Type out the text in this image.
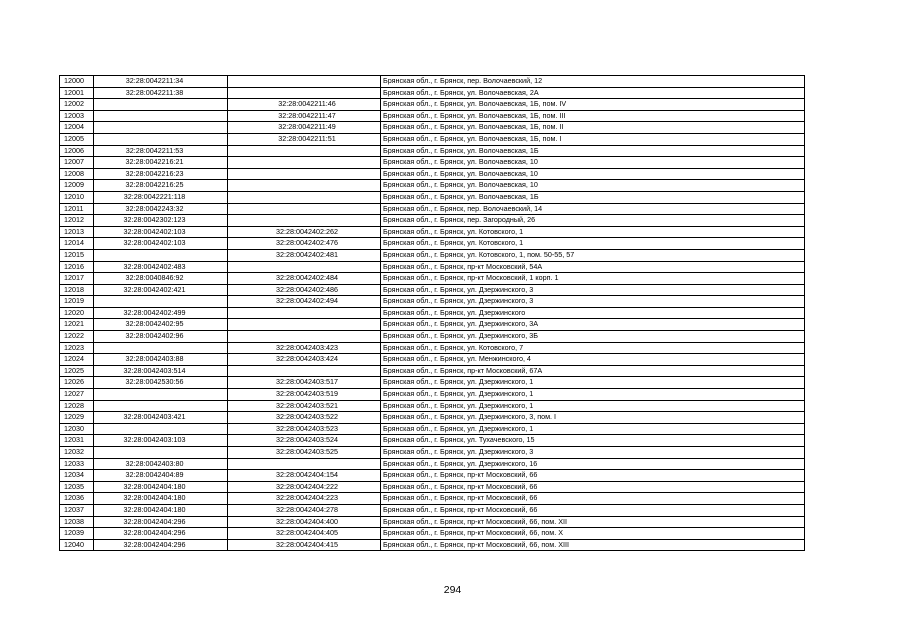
12000	32:28:0042211:34		Брянская обл., г. Брянск, пер. Волочаевский, 12
12001	32:28:0042211:38		Брянская обл., г. Брянск, ул. Волочаевская, 2А
12002		32:28:0042211:46	Брянская обл., г. Брянск, ул. Волочаевская, 1Б, пом. IV
12003		32:28:0042211:47	Брянская обл., г. Брянск, ул. Волочаевская, 1Б, пом. III
12004		32:28:0042211:49	Брянская обл., г. Брянск, ул. Волочаевская, 1Б, пом. II
12005		32:28:0042211:51	Брянская обл., г. Брянск, ул. Волочаевская, 1Б, пом. I
12006	32:28:0042211:53		Брянская обл., г. Брянск, ул. Волочаевская, 1Б
12007	32:28:0042216:21		Брянская обл., г. Брянск, ул. Волочаевская, 10
12008	32:28:0042216:23		Брянская обл., г. Брянск, ул. Волочаевская, 10
12009	32:28:0042216:25		Брянская обл., г. Брянск, ул. Волочаевская, 10
12010	32:28:0042221:118		Брянская обл., г. Брянск, ул. Волочаевская, 1Б
12011	32:28:0042243:32		Брянская обл., г. Брянск, пер. Волочаевский, 14
12012	32:28:0042302:123		Брянская обл., г. Брянск, пер. Загородный, 26
12013	32:28:0042402:103	32:28:0042402:262	Брянская обл., г. Брянск, ул. Котовского, 1
12014	32:28:0042402:103	32:28:0042402:476	Брянская обл., г. Брянск, ул. Котовского, 1
12015		32:28:0042402:481	Брянская обл., г. Брянск, ул. Котовского, 1, пом. 50-55, 57
12016	32:28:0042402:483		Брянская обл., г. Брянск, пр-кт Московский, 54А
12017	32:28:0040846:92	32:28:0042402:484	Брянская обл., г. Брянск, пр-кт Московский, 1 корп. 1
12018	32:28:0042402:421	32:28:0042402:486	Брянская обл., г. Брянск, ул. Дзержинского, 3
12019		32:28:0042402:494	Брянская обл., г. Брянск, ул. Дзержинского, 3
12020	32:28:0042402:499		Брянская обл., г. Брянск, ул. Дзержинского
12021	32:28:0042402:95		Брянская обл., г. Брянск, ул. Дзержинского, 3А
12022	32:28:0042402:96		Брянская обл., г. Брянск, ул. Дзержинского, 3Б
12023		32:28:0042403:423	Брянская обл., г. Брянск, ул. Котовского, 7
12024	32:28:0042403:88	32:28:0042403:424	Брянская обл., г. Брянск, ул. Менжинского, 4
12025	32:28:0042403:514		Брянская обл., г. Брянск, пр-кт Московский, 67А
12026	32:28:0042530:56	32:28:0042403:517	Брянская обл., г. Брянск, ул. Дзержинского, 1
12027		32:28:0042403:519	Брянская обл., г. Брянск, ул. Дзержинского, 1
12028		32:28:0042403:521	Брянская обл., г. Брянск, ул. Дзержинского, 1
12029	32:28:0042403:421	32:28:0042403:522	Брянская обл., г. Брянск, ул. Дзержинского, 3, пом. I
12030		32:28:0042403:523	Брянская обл., г. Брянск, ул. Дзержинского, 1
12031	32:28:0042403:103	32:28:0042403:524	Брянская обл., г. Брянск, ул. Тухачевского, 15
12032		32:28:0042403:525	Брянская обл., г. Брянск, ул. Дзержинского, 3
12033	32:28:0042403:80		Брянская обл., г. Брянск, ул. Дзержинского, 16
12034	32:28:0042404:89	32:28:0042404:154	Брянская обл., г. Брянск, пр-кт Московский, 66
12035	32:28:0042404:180	32:28:0042404:222	Брянская обл., г. Брянск, пр-кт Московский, 66
12036	32:28:0042404:180	32:28:0042404:223	Брянская обл., г. Брянск, пр-кт Московский, 66
12037	32:28:0042404:180	32:28:0042404:278	Брянская обл., г. Брянск, пр-кт Московский, 66
12038	32:28:0042404:296	32:28:0042404:400	Брянская обл., г. Брянск, пр-кт Московский, 66, пом. XII
12039	32:28:0042404:296	32:28:0042404:405	Брянская обл., г. Брянск, пр-кт Московский, 66, пом. X
12040	32:28:0042404:296	32:28:0042404:415	Брянская обл., г. Брянск, пр-кт Московский, 66, пом. XIII
294
